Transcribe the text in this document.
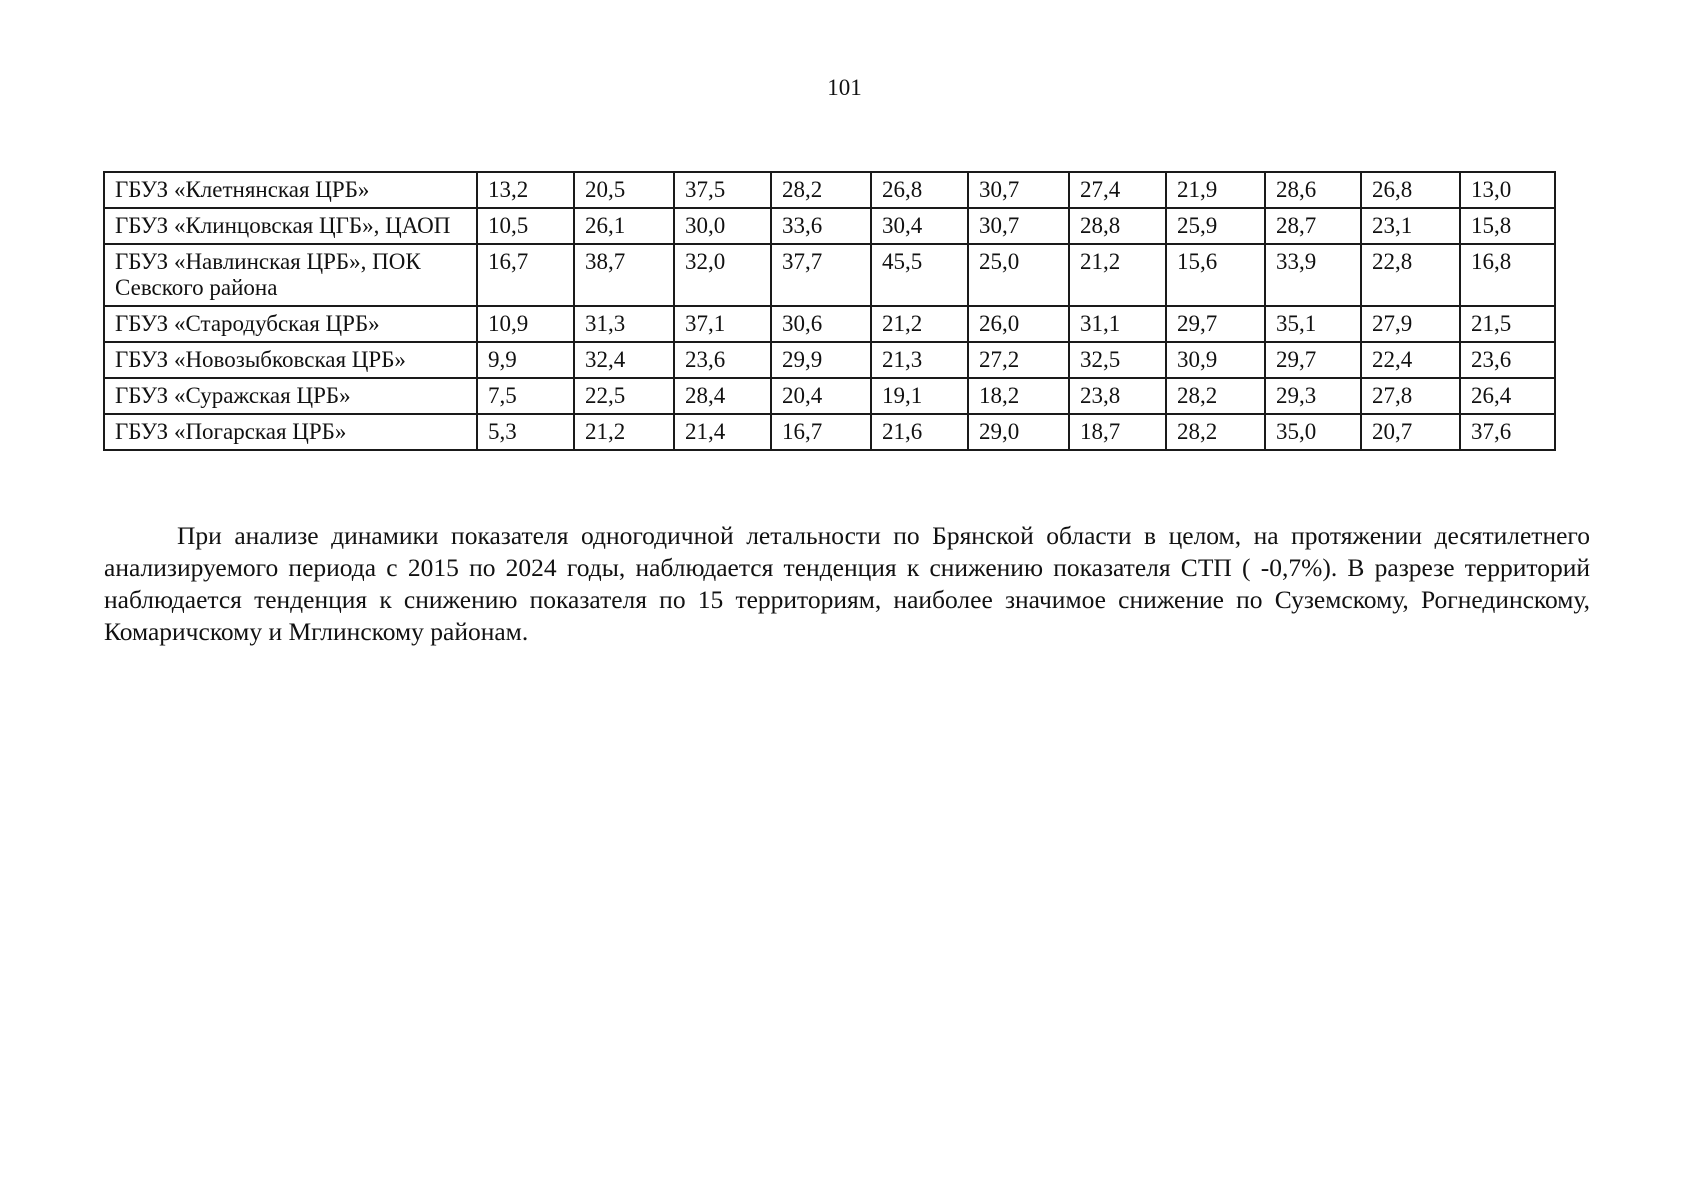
101
ГБУЗ «Клетнянская ЦРБ»	13,2	20,5	37,5	28,2	26,8	30,7	27,4	21,9	28,6	26,8	13,0
ГБУЗ «Клинцовская ЦГБ», ЦАОП	10,5	26,1	30,0	33,6	30,4	30,7	28,8	25,9	28,7	23,1	15,8
ГБУЗ «Навлинская ЦРБ», ПОК Севского района	16,7	38,7	32,0	37,7	45,5	25,0	21,2	15,6	33,9	22,8	16,8
ГБУЗ «Стародубская ЦРБ»	10,9	31,3	37,1	30,6	21,2	26,0	31,1	29,7	35,1	27,9	21,5
ГБУЗ «Новозыбковская ЦРБ»	9,9	32,4	23,6	29,9	21,3	27,2	32,5	30,9	29,7	22,4	23,6
ГБУЗ «Суражская ЦРБ»	7,5	22,5	28,4	20,4	19,1	18,2	23,8	28,2	29,3	27,8	26,4
ГБУЗ «Погарская ЦРБ»	5,3	21,2	21,4	16,7	21,6	29,0	18,7	28,2	35,0	20,7	37,6

При анализе динамики показателя одногодичной летальности по Брянской области в целом, на протяжении десятилетнего анализируемого периода с 2015 по 2024 годы, наблюдается тенденция к снижению показателя СТП ( -0,7%). В разрезе территорий наблюдается тенденция к снижению показателя по 15 территориям, наиболее значимое снижение по Суземскому, Рогнединскому, Комаричскому и Мглинскому районам.
